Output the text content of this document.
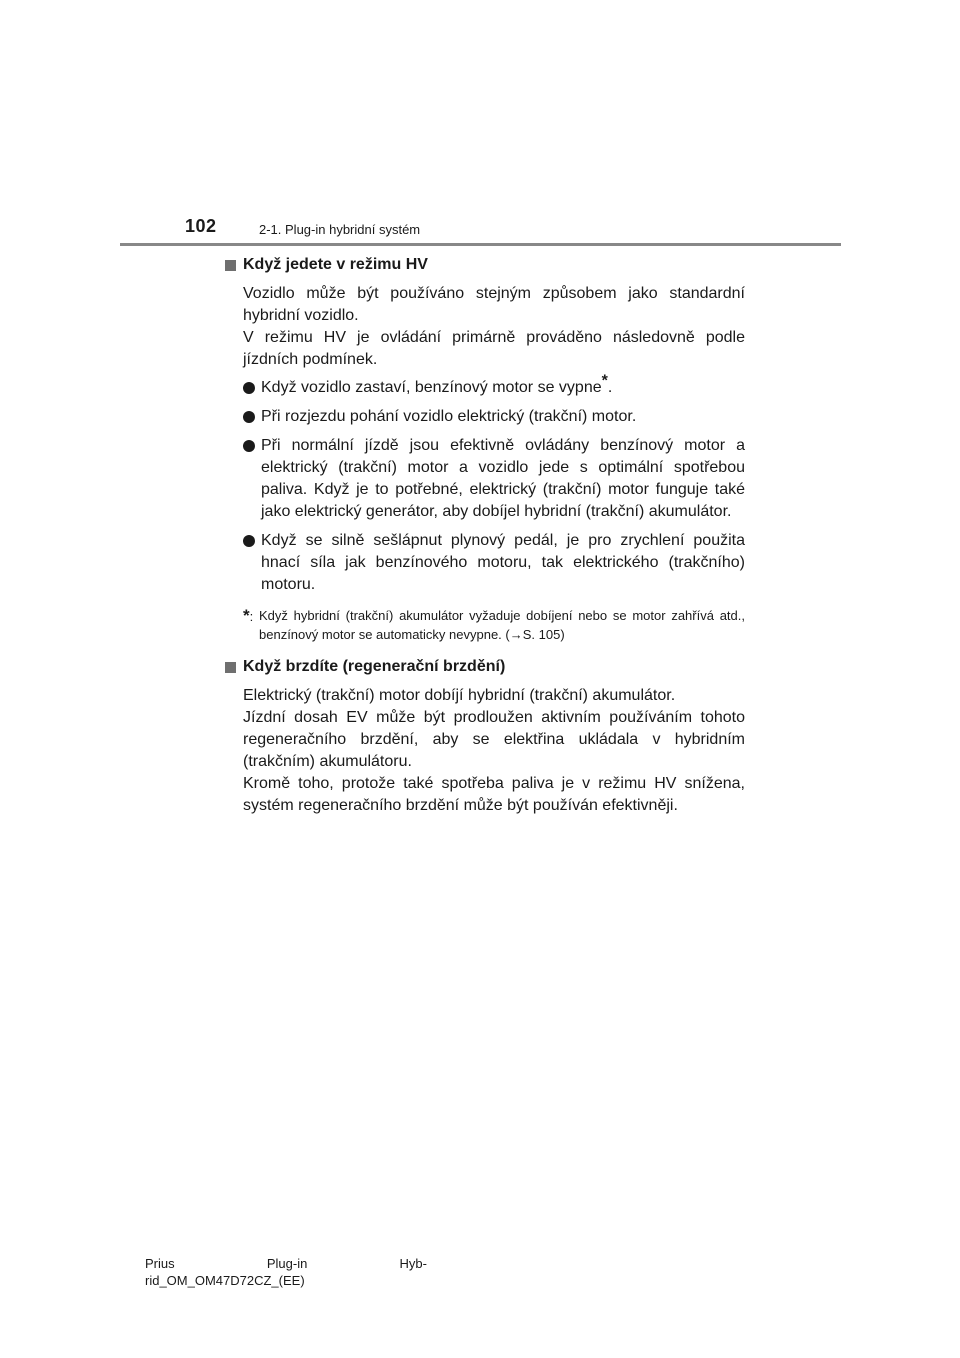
102	2-1. Plug-in hybridní systém
Když jedete v režimu HV
Vozidlo může být používáno stejným způsobem jako standardní hybridní vozidlo.
V režimu HV je ovládání primárně prováděno následovně podle jízdních podmínek.
Když vozidlo zastaví, benzínový motor se vypne*.
Při rozjezdu pohání vozidlo elektrický (trakční) motor.
Při normální jízdě jsou efektivně ovládány benzínový motor a elektrický (trakční) motor a vozidlo jede s optimální spotřebou paliva. Když je to potřebné, elektrický (trakční) motor funguje také jako elektrický generátor, aby dobíjel hybridní (trakční) akumulátor.
Když se silně sešlápnut plynový pedál, je pro zrychlení použita hnací síla jak benzínového motoru, tak elektrického (trakčního) motoru.
*: Když hybridní (trakční) akumulátor vyžaduje dobíjení nebo se motor zahřívá atd., benzínový motor se automaticky nevypne. (→S. 105)
Když brzdíte (regenerační brzdění)
Elektrický (trakční) motor dobíjí hybridní (trakční) akumulátor.
Jízdní dosah EV může být prodloužen aktivním používáním tohoto regeneračního brzdění, aby se elektřina ukládala v hybridním (trakčním) akumulátoru.
Kromě toho, protože také spotřeba paliva je v režimu HV snížena, systém regeneračního brzdění může být používán efektivněji.
Prius	Plug-in	Hyb-
rid_OM_OM47D72CZ_(EE)
